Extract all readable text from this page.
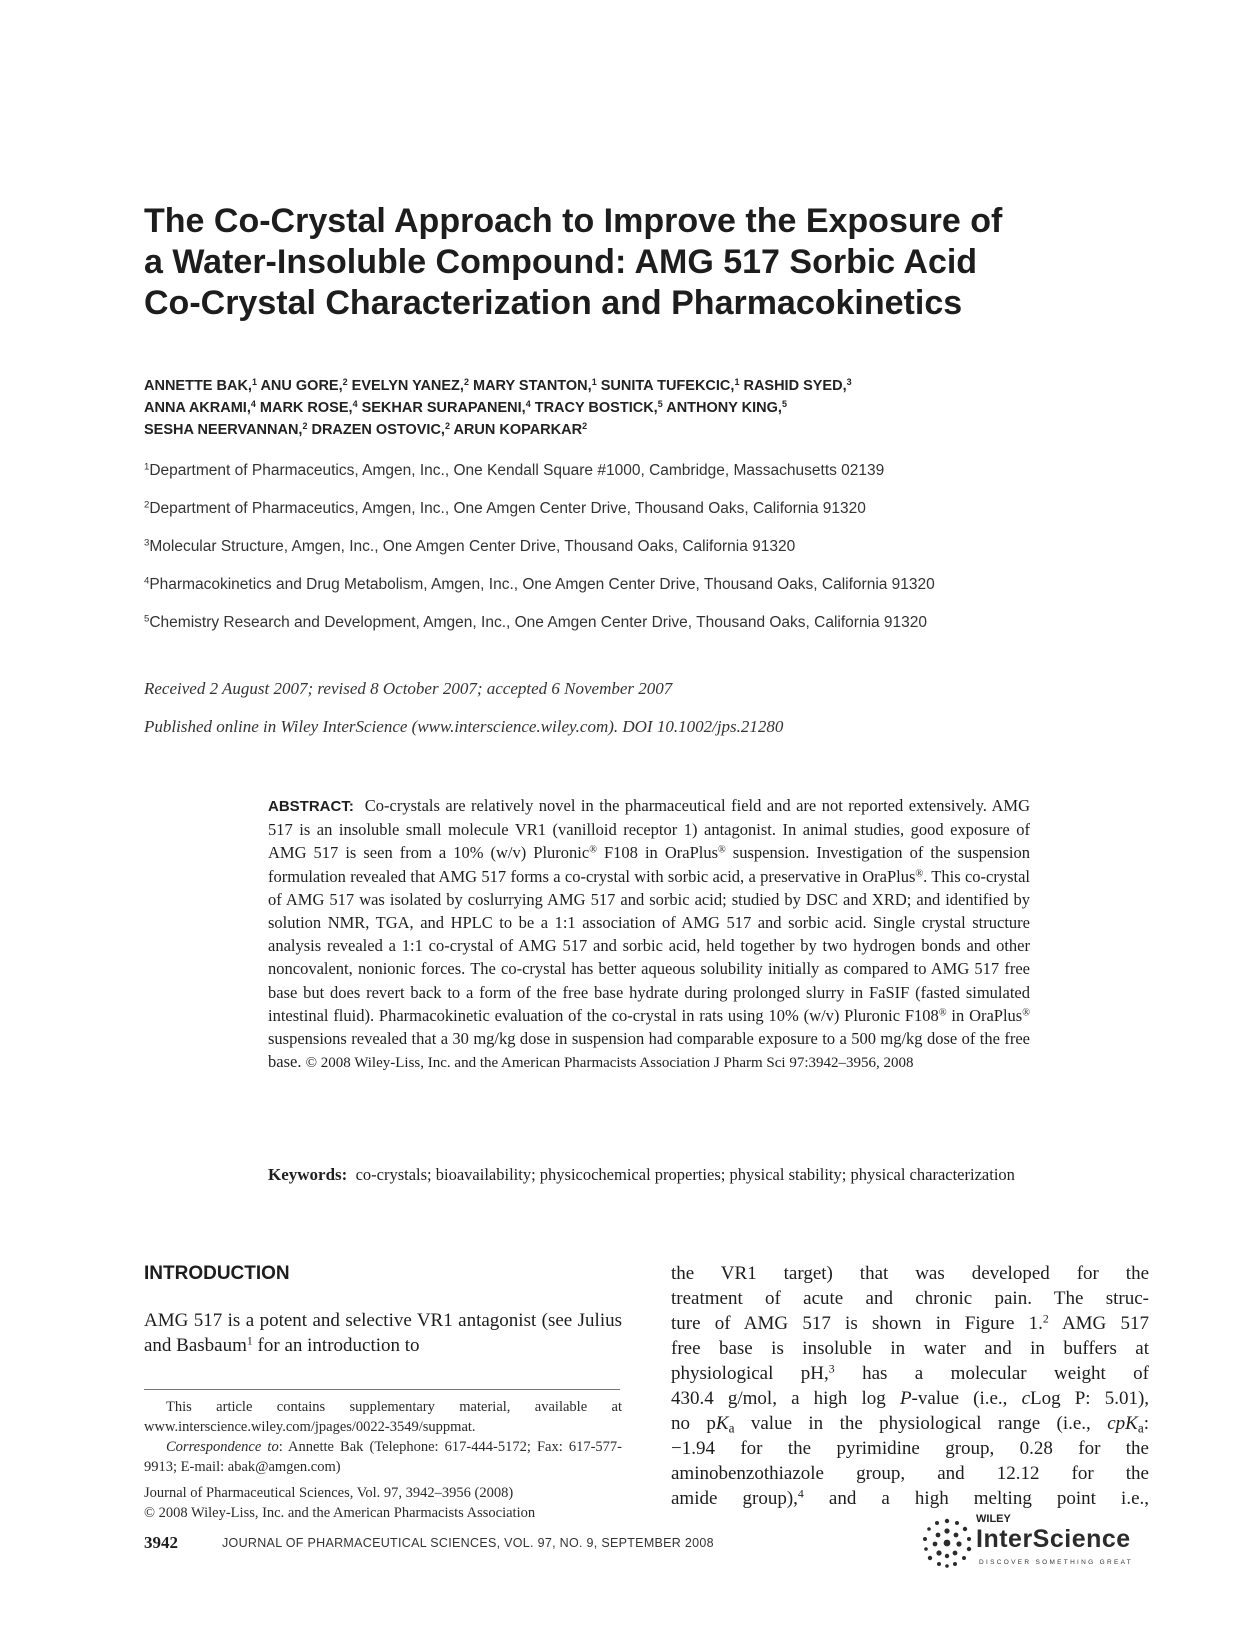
The Co-Crystal Approach to Improve the Exposure of
a Water-Insoluble Compound: AMG 517 Sorbic Acid
Co-Crystal Characterization and Pharmacokinetics
ANNETTE BAK,$^1$ ANU GORE,$^2$ EVELYN YANEZ,$^2$ MARY STANTON,$^1$ SUNITA TUFEKCIC,$^1$ RASHID SYED,$^3$
ANNA AKRAMI,$^4$ MARK ROSE,$^4$ SEKHAR SURAPANENI,$^4$ TRACY BOSTICK,$^5$ ANTHONY KING,$^5$
SESHA NEERVANNAN,$^2$ DRAZEN OSTOVIC,$^2$ ARUN KOPARKAR$^2$
$^1$Department of Pharmaceutics, Amgen, Inc., One Kendall Square #1000, Cambridge, Massachusetts 02139
$^2$Department of Pharmaceutics, Amgen, Inc., One Amgen Center Drive, Thousand Oaks, California 91320
$^3$Molecular Structure, Amgen, Inc., One Amgen Center Drive, Thousand Oaks, California 91320
$^4$Pharmacokinetics and Drug Metabolism, Amgen, Inc., One Amgen Center Drive, Thousand Oaks, California 91320
$^5$Chemistry Research and Development, Amgen, Inc., One Amgen Center Drive, Thousand Oaks, California 91320
Received 2 August 2007; revised 8 October 2007; accepted 6 November 2007
Published online in Wiley InterScience (www.interscience.wiley.com). DOI 10.1002/jps.21280
ABSTRACT: Co-crystals are relatively novel in the pharmaceutical field and are not reported extensively. AMG 517 is an insoluble small molecule VR1 (vanilloid receptor 1) antagonist. In animal studies, good exposure of AMG 517 is seen from a 10% (w/v) Pluronic® F108 in OraPlus® suspension. Investigation of the suspension formulation revealed that AMG 517 forms a co-crystal with sorbic acid, a preservative in OraPlus®. This co-crystal of AMG 517 was isolated by coslurrying AMG 517 and sorbic acid; studied by DSC and XRD; and identified by solution NMR, TGA, and HPLC to be a 1:1 association of AMG 517 and sorbic acid. Single crystal structure analysis revealed a 1:1 co-crystal of AMG 517 and sorbic acid, held together by two hydrogen bonds and other noncovalent, nonionic forces. The co-crystal has better aqueous solubility initially as compared to AMG 517 free base but does revert back to a form of the free base hydrate during prolonged slurry in FaSIF (fasted simulated intestinal fluid). Pharmacokinetic evaluation of the co-crystal in rats using 10% (w/v) Pluronic F108® in OraPlus® suspensions revealed that a 30 mg/kg dose in suspension had comparable exposure to a 500 mg/kg dose of the free base. © 2008 Wiley-Liss, Inc. and the American Pharmacists Association J Pharm Sci 97:3942–3956, 2008
Keywords: co-crystals; bioavailability; physicochemical properties; physical stability; physical characterization
INTRODUCTION
AMG 517 is a potent and selective VR1 antagonist (see Julius and Basbaum$^1$ for an introduction to

This article contains supplementary material, available at www.interscience.wiley.com/jpages/0022-3549/suppmat.

Correspondence to: Annette Bak (Telephone: 617-444-5172; Fax: 617-577-9913; E-mail: abak@amgen.com)

Journal of Pharmaceutical Sciences, Vol. 97, 3942–3956 (2008)

© 2008 Wiley-Liss, Inc. and the American Pharmacists Association

the VR1 target) that was developed for the
treatment of acute and chronic pain. The struc-
ture of AMG 517 is shown in Figure 1.$^2$ AMG 517
free base is insoluble in water and in buffers at
physiological pH,$^3$ has a molecular weight of
430.4 g/mol, a high log P-value (i.e., cLog P: 5.01),
no $pK_a$ value in the physiological range (i.e., cpK$_a$:
−1.94 for the pyrimidine group, 0.28 for the
aminobenzothiazole group, and 12.12 for the
amide group),$^4$ and a high melting point i.e.,
3942	JOURNAL OF PHARMACEUTICAL SCIENCES, VOL. 97, NO. 9, SEPTEMBER 2008
WILEY
InterScience
DISCOVER SOMETHING GREAT
